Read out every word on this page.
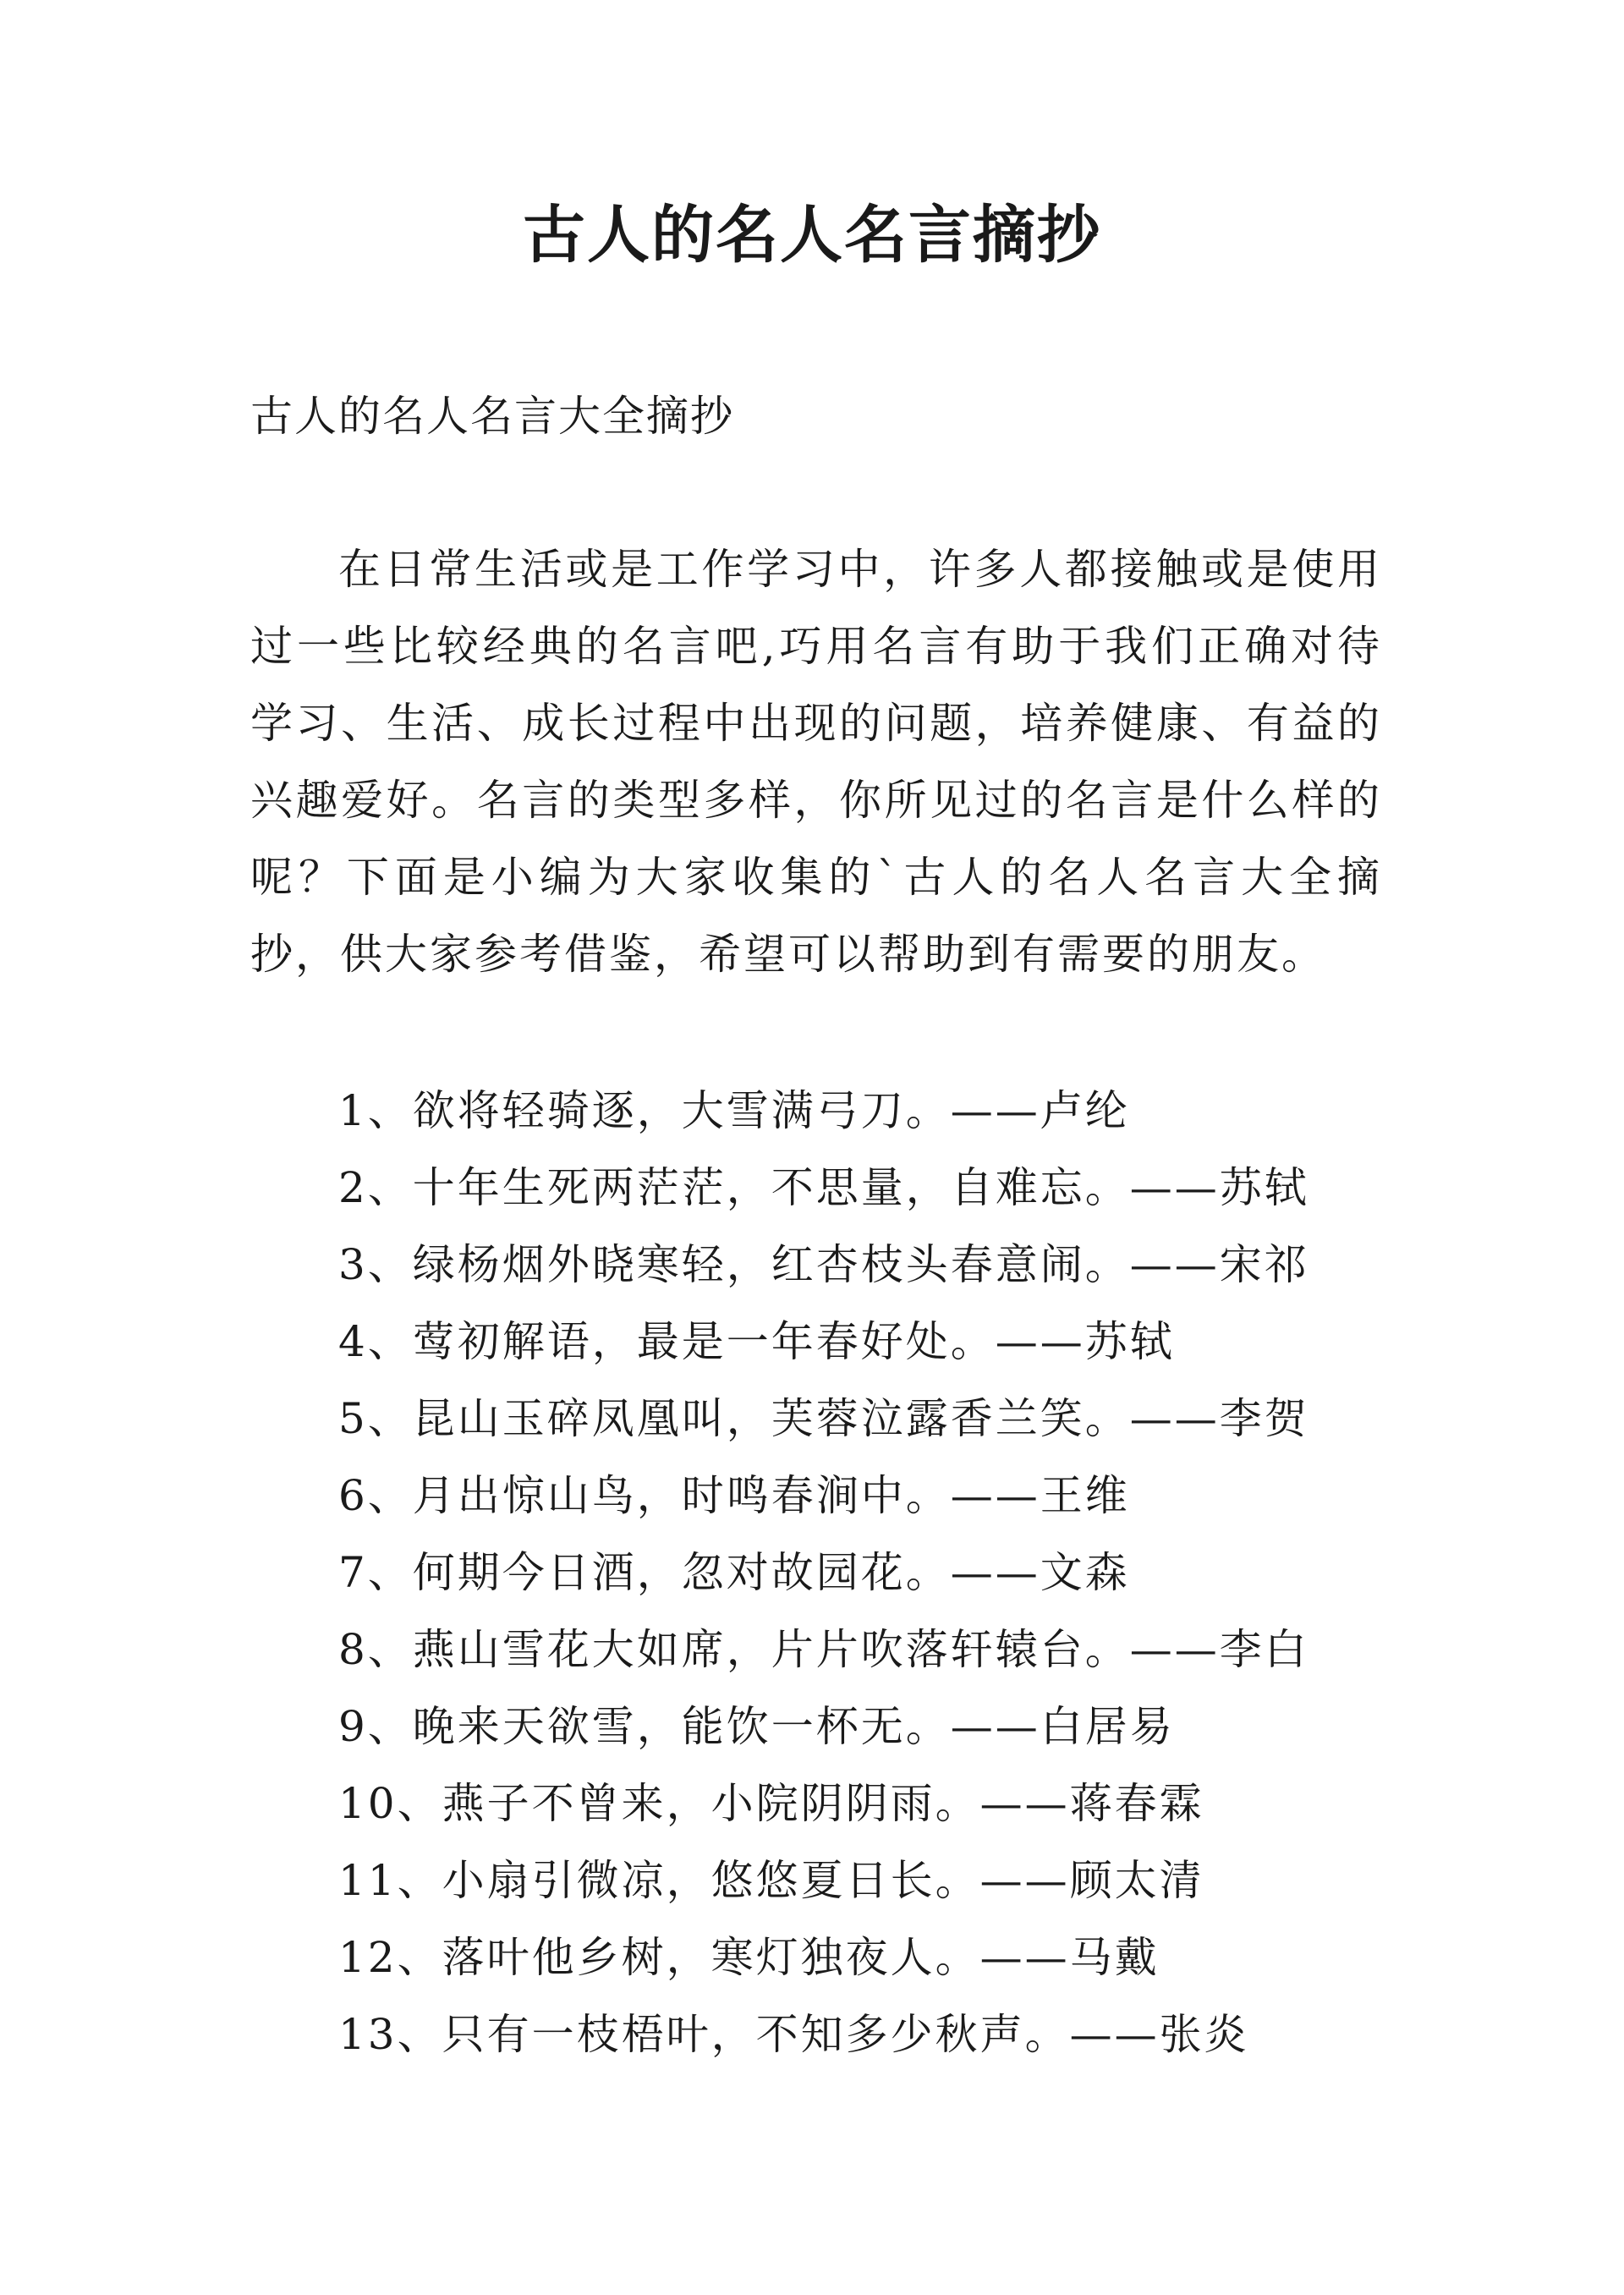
古人的名人名言摘抄

古人的名人名言大全摘抄

在日常生活或是工作学习中，许多人都接触或是使用过一些比较经典的名言吧,巧用名言有助于我们正确对待学习、生活、成长过程中出现的问题，培养健康、有益的兴趣爱好。名言的类型多样，你所见过的名言是什么样的呢？下面是小编为大家收集的`古人的名人名言大全摘抄，供大家参考借鉴，希望可以帮助到有需要的朋友。

1、欲将轻骑逐，大雪满弓刀。——卢纶
2、十年生死两茫茫，不思量，自难忘。——苏轼
3、绿杨烟外晓寒轻，红杏枝头春意闹。——宋祁
4、莺初解语，最是一年春好处。——苏轼
5、昆山玉碎凤凰叫，芙蓉泣露香兰笑。——李贺
6、月出惊山鸟，时鸣春涧中。——王维
7、何期今日酒，忽对故园花。——文森
8、燕山雪花大如席，片片吹落轩辕台。——李白
9、晚来天欲雪，能饮一杯无。——白居易
10、燕子不曾来，小院阴阴雨。——蒋春霖
11、小扇引微凉，悠悠夏日长。——顾太清
12、落叶他乡树，寒灯独夜人。——马戴
13、只有一枝梧叶，不知多少秋声。——张炎
